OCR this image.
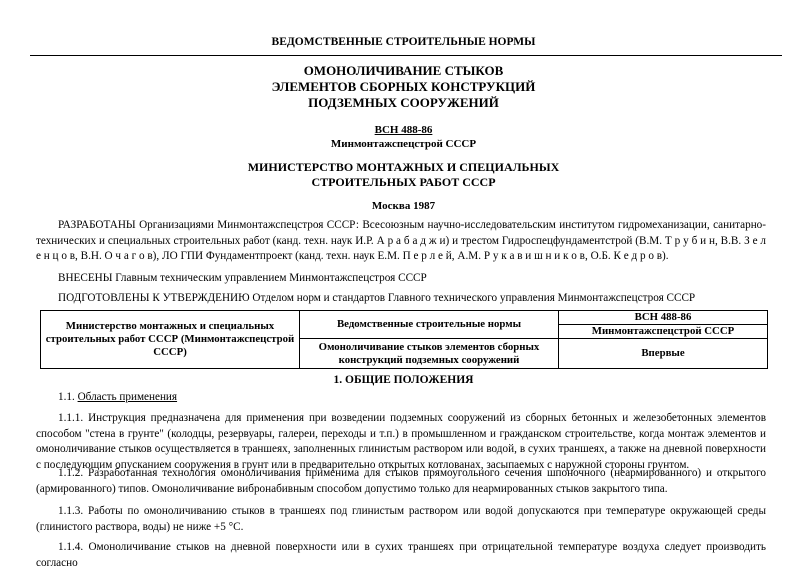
ВЕДОМСТВЕННЫЕ СТРОИТЕЛЬНЫЕ НОРМЫ
ОМОНОЛИЧИВАНИЕ СТЫКОВ
ЭЛЕМЕНТОВ СБОРНЫХ КОНСТРУКЦИЙ
ПОДЗЕМНЫХ СООРУЖЕНИЙ
ВСН 488-86
Минмонтажспецстрой СССР
МИНИСТЕРСТВО МОНТАЖНЫХ И СПЕЦИАЛЬНЫХ
СТРОИТЕЛЬНЫХ РАБОТ СССР
Москва 1987
РАЗРАБОТАНЫ Организациями Минмонтажспецстроя СССР: Всесоюзным научно-исследовательским институтом гидромеханизации, санитарно-технических и специальных строительных работ (канд. техн. наук И.Р. А р а б а д ж и) и трестом Гидроспецфундаментстрой (В.М. Т р у б и н, В.В. З е л е н ц о в, В.Н. О ч а г о в), ЛО ГПИ Фундаментпроект (канд. техн. наук Е.М. П е р л е й, А.М. Р у к а в и ш н и к о в, О.Б. К е д р о в).
ВНЕСЕНЫ Главным техническим управлением Минмонтажспецстроя СССР
ПОДГОТОВЛЕНЫ К УТВЕРЖДЕНИЮ Отделом норм и стандартов Главного технического управления Минмонтажспецстроя СССР
Министерство монтажных и специальных строительных работ СССР (Минмонтажспецстрой СССР)	Ведомственные строительные нормы	ВСН 488-86
		Минмонтажспецстрой СССР
	Омоноличивание стыков элементов сборных конструкций подземных сооружений	Впервые
1. ОБЩИЕ ПОЛОЖЕНИЯ
1.1. Область применения
1.1.1. Инструкция предназначена для применения при возведении подземных сооружений из сборных бетонных и железобетонных элементов способом "стена в грунте" (колодцы, резервуары, галереи, переходы и т.п.) в промышленном и гражданском строительстве, когда монтаж элементов и омоноличивание стыков осуществляется в траншеях, заполненных глинистым раствором или водой, в сухих траншеях, а также на дневной поверхности с последующим опусканием сооружения в грунт или в предварительно открытых котлованах, засыпаемых с наружной стороны грунтом.
1.1.2. Разработанная технология омоноличивания применима для стыков прямоугольного сечения шпоночного (неармированного) и открытого (армированного) типов. Омоноличивание вибронабивным способом допустимо только для неармированных стыков закрытого типа.
1.1.3. Работы по омоноличиванию стыков в траншеях под глинистым раствором или водой допускаются при температуре окружающей среды (глинистого раствора, воды) не ниже +5 °С.
1.1.4. Омоноличивание стыков на дневной поверхности или в сухих траншеях при отрицательной температуре воздуха следует производить согласно
